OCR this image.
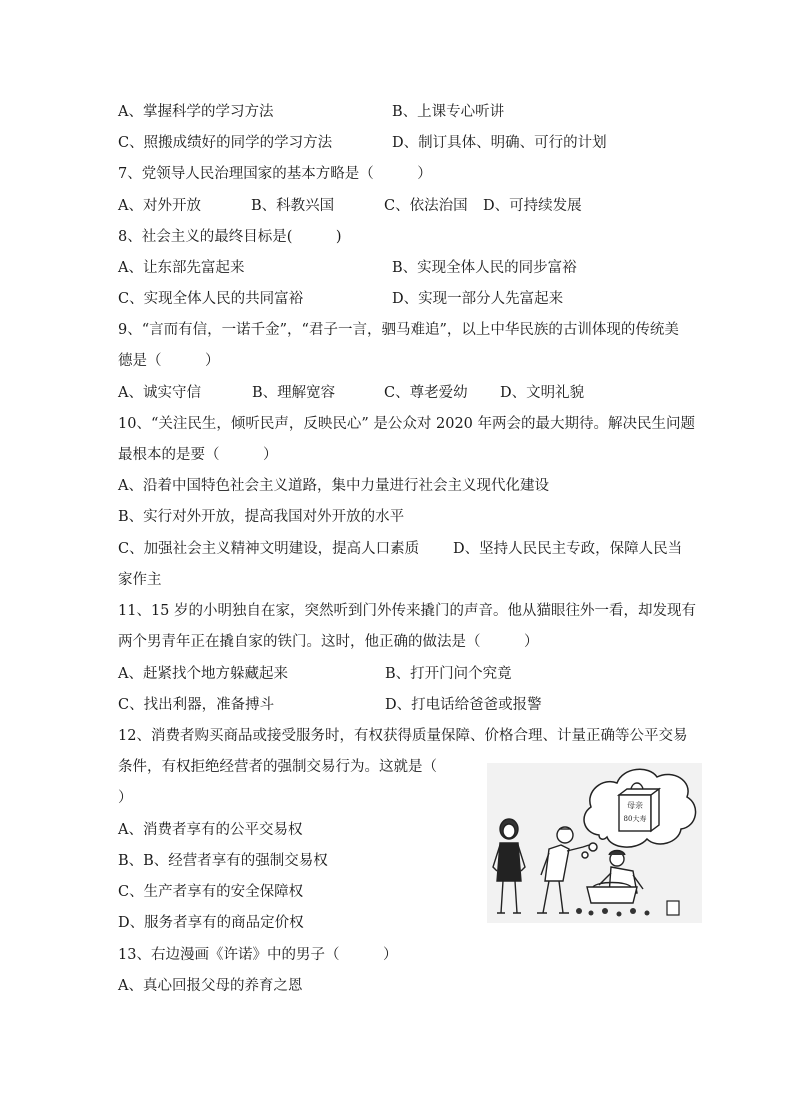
A、掌握科学的学习方法	B、上课专心听讲
C、照搬成绩好的同学的学习方法	D、制订具体、明确、可行的计划
7、党领导人民治理国家的基本方略是（　　　）
A、对外开放	B、科教兴国	C、依法治国 D、可持续发展
8、社会主义的最终目标是(　　　)
A、让东部先富起来	B、实现全体人民的同步富裕
C、实现全体人民的共同富裕	D、实现一部分人先富起来
9、“言而有信，一诺千金”，“君子一言，驷马难追”，以上中华民族的古训体现的传统美
德是（　　　）
A、诚实守信	B、理解宽容	C、尊老爱幼 D、文明礼貌
10、“关注民生，倾听民声，反映民心” 是公众对 2020 年两会的最大期待。解决民生问题
最根本的是要（　　　）
A、沿着中国特色社会主义道路，集中力量进行社会主义现代化建设
B、实行对外开放，提高我国对外开放的水平
C、加强社会主义精神文明建设，提高人口素质 D、坚持人民民主专政，保障人民当
家作主
11、15 岁的小明独自在家，突然听到门外传来撬门的声音。他从猫眼往外一看，却发现有
两个男青年正在撬自家的铁门。这时，他正确的做法是（　　　）
A、赶紧找个地方躲藏起来	B、打开门问个究竟
C、找出利器，准备搏斗	D、打电话给爸爸或报警
12、消费者购买商品或接受服务时，有权获得质量保障、价格合理、计量正确等公平交易
条件，有权拒绝经营者的强制交易行为。这就是（
）
A、消费者享有的公平交易权
B、B、经营者享有的强制交易权
C、生产者享有的安全保障权
D、服务者享有的商品定价权
13、右边漫画《许诺》中的男子（　　　）
A、真心回报父母的养育之恩
母亲
80大寿
